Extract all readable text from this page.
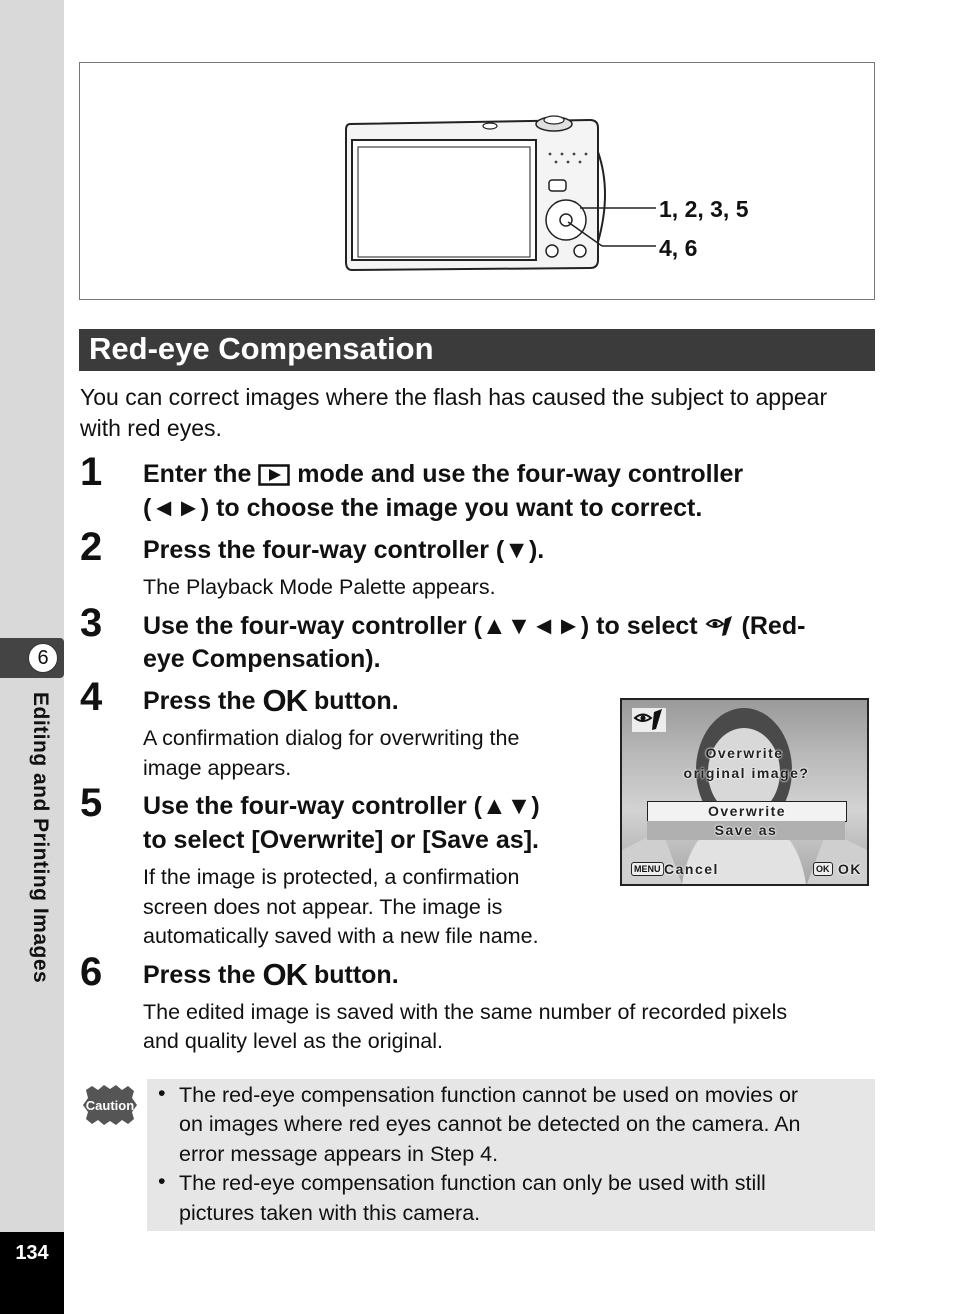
6
Editing and Printing Images
134
1, 2, 3, 5
4, 6
Red-eye Compensation
You can correct images where the flash has caused the subject to appear with red eyes.
1 Enter the mode and use the four-way controller
(◄►) to choose the image you want to correct.
2 Press the four-way controller (▼).
The Playback Mode Palette appears.
3 Use the four-way controller (▲▼◄►) to select (Red-
eye Compensation).
4 Press the OK button.
A confirmation dialog for overwriting the
image appears.
5 Use the four-way controller (▲▼)
to select [Overwrite] or [Save as].
If the image is protected, a confirmation
screen does not appear. The image is
automatically saved with a new file name.
Overwrite
original image?
Overwrite
Save as
MENU Cancel	OK OK
6 Press the OK button.
The edited image is saved with the same number of recorded pixels
and quality level as the original.
Caution
• The red-eye compensation function cannot be used on movies or
on images where red eyes cannot be detected on the camera. An
error message appears in Step 4.
• The red-eye compensation function can only be used with still
pictures taken with this camera.
